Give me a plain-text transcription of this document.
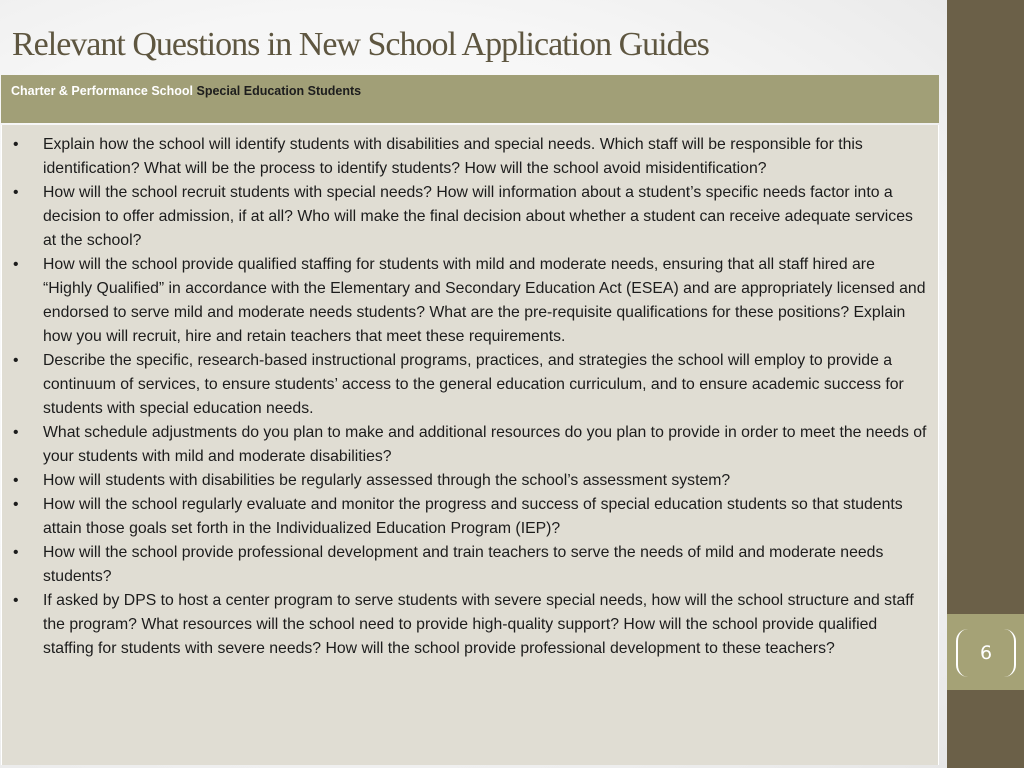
6
Relevant Questions in New School Application Guides
Charter & Performance School Special Education Students
• Explain how the school will identify students with disabilities and special needs. Which staff will be responsible for this identification? What will be the process to identify students? How will the school avoid misidentification?
• How will the school recruit students with special needs? How will information about a student’s specific needs factor into a decision to offer admission, if at all? Who will make the final decision about whether a student can receive adequate services at the school?
• How will the school provide qualified staffing for students with mild and moderate needs, ensuring that all staff hired are “Highly Qualified” in accordance with the Elementary and Secondary Education Act (ESEA) and are appropriately licensed and endorsed to serve mild and moderate needs students? What are the pre-requisite qualifications for these positions? Explain how you will recruit, hire and retain teachers that meet these requirements.
• Describe the specific, research-based instructional programs, practices, and strategies the school will employ to provide a continuum of services, to ensure students’ access to the general education curriculum, and to ensure academic success for students with special education needs.
• What schedule adjustments do you plan to make and additional resources do you plan to provide in order to meet the needs of your students with mild and moderate disabilities?
• How will students with disabilities be regularly assessed through the school’s assessment system?
• How will the school regularly evaluate and monitor the progress and success of special education students so that students attain those goals set forth in the Individualized Education Program (IEP)?
• How will the school provide professional development and train teachers to serve the needs of mild and moderate needs students?
• If asked by DPS to host a center program to serve students with severe special needs, how will the school structure and staff the program? What resources will the school need to provide high-quality support? How will the school provide qualified staffing for students with severe needs? How will the school provide professional development to these teachers?
